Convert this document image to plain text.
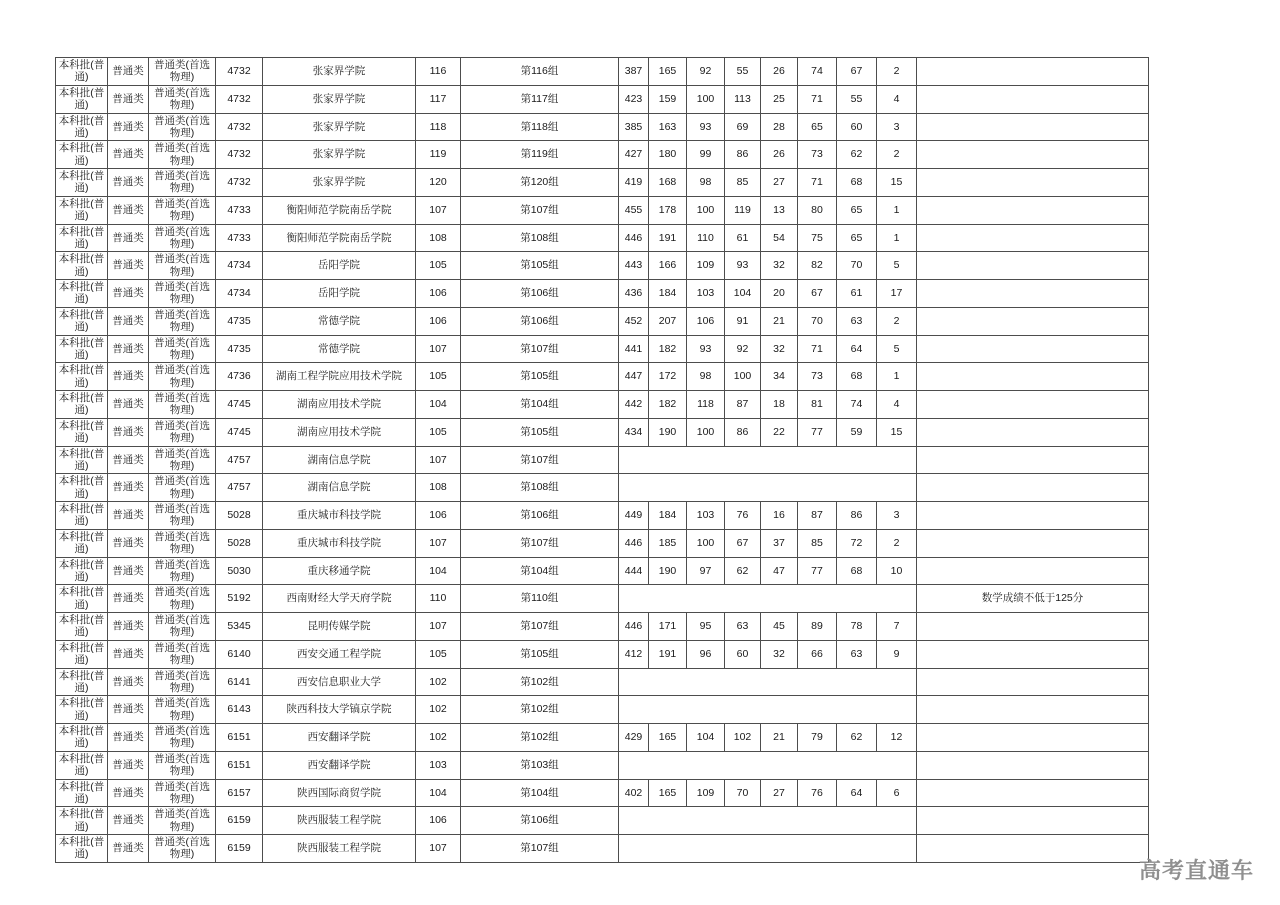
本科批(普通)	普通类	普通类(首选物理)	4732	张家界学院	116	第116组	387	165	92	55	26	74	67	2	
本科批(普通)	普通类	普通类(首选物理)	4732	张家界学院	117	第117组	423	159	100	113	25	71	55	4	
本科批(普通)	普通类	普通类(首选物理)	4732	张家界学院	118	第118组	385	163	93	69	28	65	60	3	
本科批(普通)	普通类	普通类(首选物理)	4732	张家界学院	119	第119组	427	180	99	86	26	73	62	2	
本科批(普通)	普通类	普通类(首选物理)	4732	张家界学院	120	第120组	419	168	98	85	27	71	68	15	
本科批(普通)	普通类	普通类(首选物理)	4733	衡阳师范学院南岳学院	107	第107组	455	178	100	119	13	80	65	1	
本科批(普通)	普通类	普通类(首选物理)	4733	衡阳师范学院南岳学院	108	第108组	446	191	110	61	54	75	65	1	
本科批(普通)	普通类	普通类(首选物理)	4734	岳阳学院	105	第105组	443	166	109	93	32	82	70	5	
本科批(普通)	普通类	普通类(首选物理)	4734	岳阳学院	106	第106组	436	184	103	104	20	67	61	17	
本科批(普通)	普通类	普通类(首选物理)	4735	常德学院	106	第106组	452	207	106	91	21	70	63	2	
本科批(普通)	普通类	普通类(首选物理)	4735	常德学院	107	第107组	441	182	93	92	32	71	64	5	
本科批(普通)	普通类	普通类(首选物理)	4736	湖南工程学院应用技术学院	105	第105组	447	172	98	100	34	73	68	1	
本科批(普通)	普通类	普通类(首选物理)	4745	湖南应用技术学院	104	第104组	442	182	118	87	18	81	74	4	
本科批(普通)	普通类	普通类(首选物理)	4745	湖南应用技术学院	105	第105组	434	190	100	86	22	77	59	15	
本科批(普通)	普通类	普通类(首选物理)	4757	湖南信息学院	107	第107组									
本科批(普通)	普通类	普通类(首选物理)	4757	湖南信息学院	108	第108组									
本科批(普通)	普通类	普通类(首选物理)	5028	重庆城市科技学院	106	第106组	449	184	103	76	16	87	86	3	
本科批(普通)	普通类	普通类(首选物理)	5028	重庆城市科技学院	107	第107组	446	185	100	67	37	85	72	2	
本科批(普通)	普通类	普通类(首选物理)	5030	重庆移通学院	104	第104组	444	190	97	62	47	77	68	10	
本科批(普通)	普通类	普通类(首选物理)	5192	西南财经大学天府学院	110	第110组									数学成绩不低于125分
本科批(普通)	普通类	普通类(首选物理)	5345	昆明传媒学院	107	第107组	446	171	95	63	45	89	78	7	
本科批(普通)	普通类	普通类(首选物理)	6140	西安交通工程学院	105	第105组	412	191	96	60	32	66	63	9	
本科批(普通)	普通类	普通类(首选物理)	6141	西安信息职业大学	102	第102组									
本科批(普通)	普通类	普通类(首选物理)	6143	陕西科技大学镐京学院	102	第102组									
本科批(普通)	普通类	普通类(首选物理)	6151	西安翻译学院	102	第102组	429	165	104	102	21	79	62	12	
本科批(普通)	普通类	普通类(首选物理)	6151	西安翻译学院	103	第103组									
本科批(普通)	普通类	普通类(首选物理)	6157	陕西国际商贸学院	104	第104组	402	165	109	70	27	76	64	6	
本科批(普通)	普通类	普通类(首选物理)	6159	陕西服装工程学院	106	第106组									
本科批(普通)	普通类	普通类(首选物理)	6159	陕西服装工程学院	107	第107组									
高考直通车
